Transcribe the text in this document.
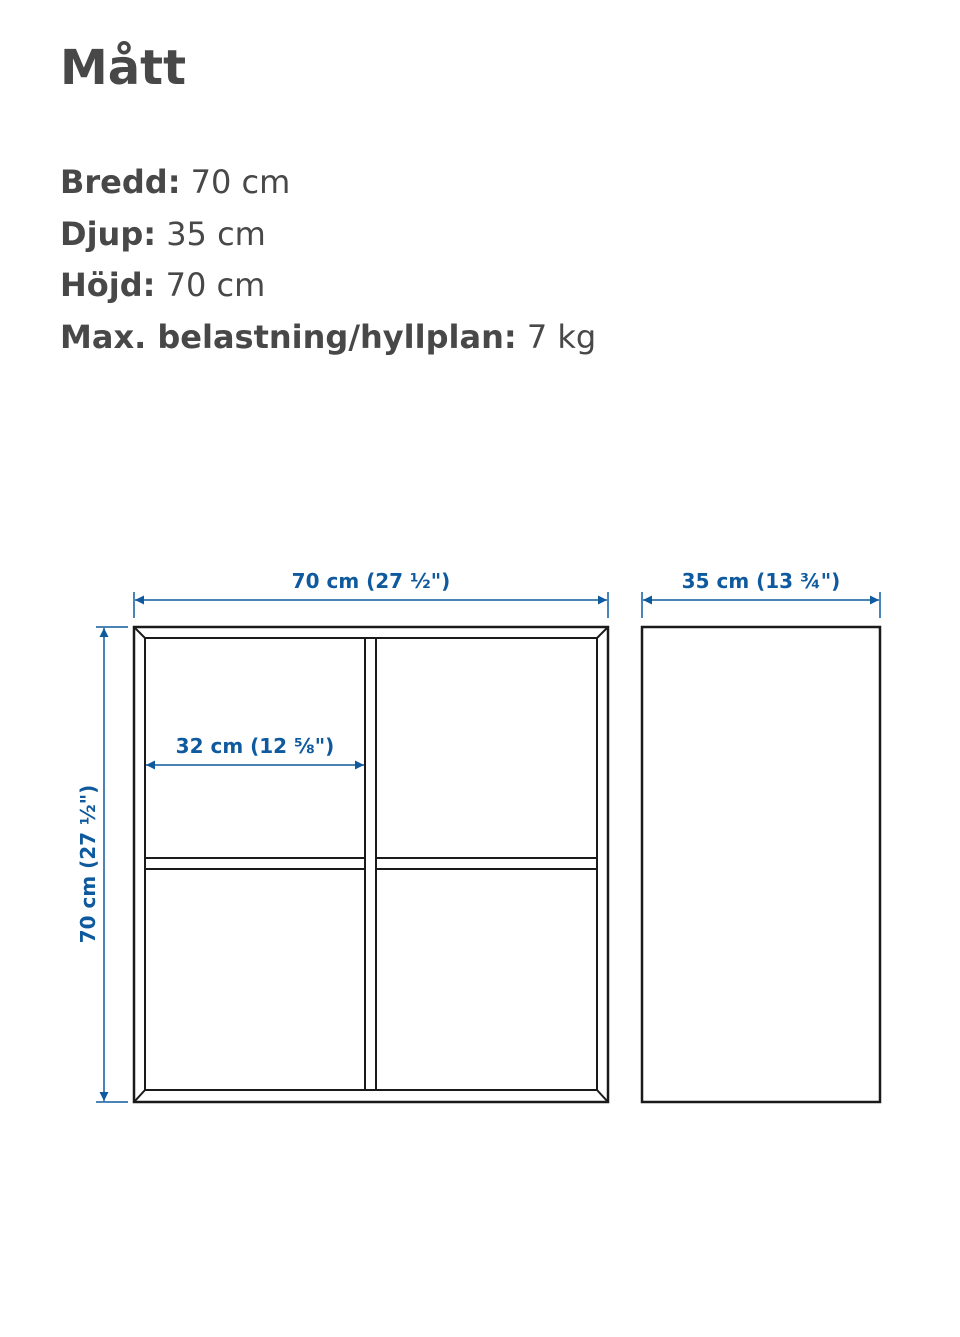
Mått
Bredd: 70 cm
Djup: 35 cm
Höjd: 70 cm
Max. belastning/hyllplan: 7 kg
70 cm (27 ½")	35 cm (13 ¾")
70 cm (27 ½")
32 cm (12 ⅝")
